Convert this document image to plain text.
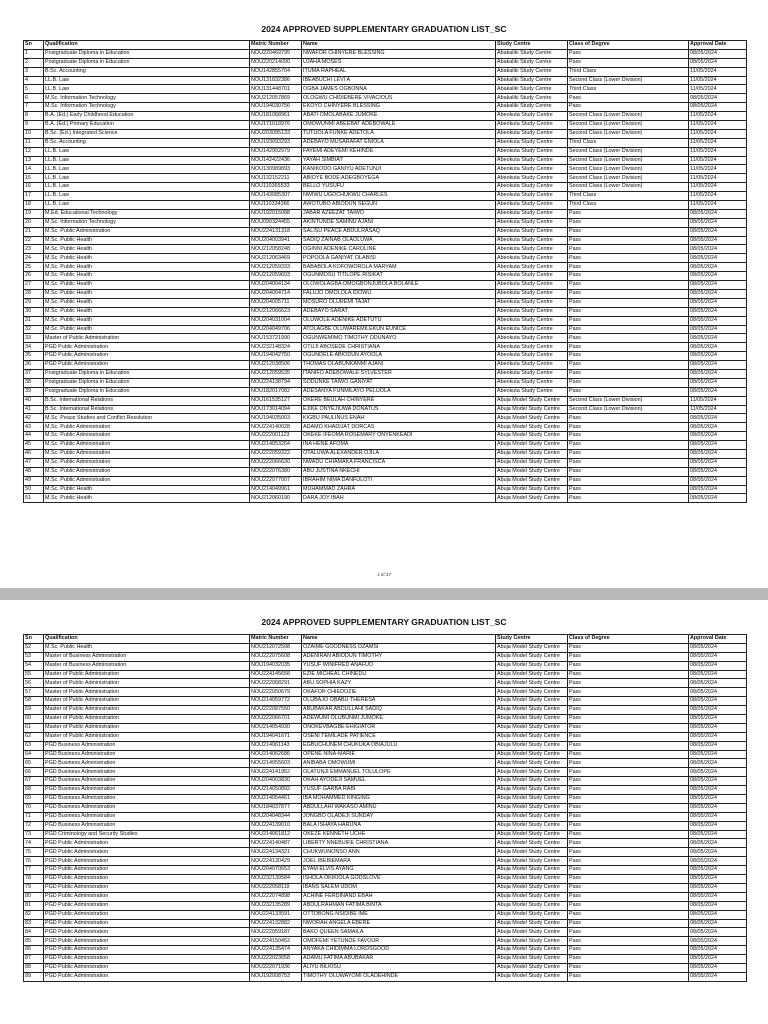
2024 APPROVED SUPPLEMENTARY GRADUATION LIST_SC
Sn	Qualification	Matric Number	Name	Study Centre	Class of Degree	Approval Date
1	Postgraduate Diploma in Education	NOU220469795	NWAFOR CHINYERE BLESSING	Abakaliki Study Centre	Pass	08/05/2024
2	Postgraduate Diploma in Education	NOU220214090	UJAHA MOSES	Abakaliki Study Centre	Pass	08/05/2024
3	B.Sc. Accounting	NOU142855704	ITUMA RAPHEAL	Abakaliki Study Centre	Third Class	11/05/2024
4	LL.B. Law	NOU131832386	IBEABUCHI LEVI A	Abakaliki Study Centre	Second Class (Lower Division)	11/05/2024
5	LL.B. Law	NOU131448701	OGBA JAMES OGBONNA	Abakaliki Study Centre	Third Class	11/05/2024
6	M.Sc. Information Technology	NOU212057869	OLOGWU CHIDIEBERE VIVACIOUS	Abakaliki Study Centre	Pass	08/05/2024
7	M.Sc. Information Technology	NOU194030756	EKOYO CHINYERE BLESSING	Abakaliki Study Centre	Pass	08/05/2024
8	B.A. (Ed.) Early Childhood Education	NOU181068961	ABATI OMOLABAKE JUMOKE	Abeokuta Study Centre	Second Class (Lower Division)	11/05/2024
9	B.A. (Ed.) Primary Education	NOU171018976	OMOWUNMI ABEEBAT ADEBOWALE	Abeokuta Study Centre	Second Class (Lower Division)	11/05/2024
10	B.Sc. (Ed.) Integrated Science	NOU203095133	TUTUOLA FUNKE ADETOLA	Abeokuta Study Centre	Second Class (Lower Division)	11/05/2024
11	B.Sc. Accounting	NOU193093293	ADEBAYO MUSARAFAT ENIOLA	Abeokuta Study Centre	Third Class	11/05/2024
12	LL.B. Law	NOU142902979	FAYEMI ADEYEMI KEHINDE	Abeokuta Study Centre	Second Class (Lower Division)	11/05/2024
13	LL.B. Law	NOU142422436	YAYAH SIMBIAT	Abeokuta Study Centre	Second Class (Lower Division)	11/05/2024
14	LL.B. Law	NOU130989893	KANIKODO GANIYU ADETUNJI	Abeokuta Study Centre	Second Class (Lower Division)	11/05/2024
15	LL.B. Law	NOU132152211	ABIOYE BODE ADEGBOYEGA	Abeokuta Study Centre	Second Class (Lower Division)	11/05/2024
16	LL.B. Law	NOU110365533	BELLO YUSUFU	Abeokuta Study Centre	Second Class (Lower Division)	11/05/2024
17	LL.B. Law	NOU143085307	NWIWU UGOCHUKWU CHARLES	Abeokuta Study Centre	Third Class	11/05/2024
18	LL.B. Law	NOU110334366	AWOTUBO ABIODUN SEGUN	Abeokuta Study Centre	Third Class	11/05/2024
19	M.Ed. Educational Technology	NOU192015088	JABAR AZEEZAT TAIWO	Abeokuta Study Centre	Pass	08/05/2024
20	M.Sc. Information Technology	NOU090324455	AKINTUNDE SAMINU AJANI	Abeokuta Study Centre	Pass	08/05/2024
21	M.Sc. Public Administration	NOU224131318	SALISU PEACE ABDULRASAQ	Abeokuta Study Centre	Pass	08/05/2024
22	M.Sc. Public Health	NOU204003941	SADIQ ZAINAB OLAOLUWA	Abeokuta Study Centre	Pass	08/05/2024
23	M.Sc. Public Health	NOU212058248	OGINNI ADENIKE CAROLINE	Abeokuta Study Centre	Pass	08/05/2024
24	M.Sc. Public Health	NOU212063469	POPOOLA GANIYAT OLABISI	Abeokuta Study Centre	Pass	08/05/2024
25	M.Sc. Public Health	NOU212059333	BABABOLA KOFOWOROLA MARYAM	Abeokuta Study Centre	Pass	08/05/2024
26	M.Sc. Public Health	NOU212059603	OGUNMOSU TITILOPE RISIKAT	Abeokuta Study Centre	Pass	08/05/2024
27	M.Sc. Public Health	NOU204004134	OLOWOLAGBA OMOGBONJUBOLA BOLANLE	Abeokuta Study Centre	Pass	08/05/2024
28	M.Sc. Public Health	NOU204004714	FALUJO OMOLOLA IDOWU	Abeokuta Study Centre	Pass	08/05/2024
29	M.Sc. Public Health	NOU204005711	MOSURO OLUREMI TAJAT	Abeokuta Study Centre	Pass	08/05/2024
30	M.Sc. Public Health	NOU212066623	ADEBAYO SARAT	Abeokuta Study Centre	Pass	08/05/2024
31	M.Sc. Public Health	NOU204031004	OLUWOLE ADENIKE ADETUTU	Abeokuta Study Centre	Pass	08/05/2024
32	M.Sc. Public Health	NOU204049706	ATOLAGBE OLUWAREMILEKUN EUNICE	Abeokuta Study Centre	Pass	08/05/2024
33	Master of Public Administration	NOU153721990	OGUNWEMIMO TIMOTHY ODUNAYO	Abeokuta Study Centre	Pass	08/05/2024
34	PGD Public Administration	NOU232148324	OTUJI ABOSEDE CHRISTIANA	Abeokuta Study Centre	Pass	08/05/2024
35	PGD Public Administration	NOU194042750	OGUNDELE ABIODUN AYOOLA	Abeokuta Study Centre	Pass	08/05/2024
36	PGD Public Administration	NOU212038506	THOMAS OLABUNKANMI AJANI	Abeokuta Study Centre	Pass	08/05/2024
37	Postgraduate Diploma in Education	NOU212059535	ITANIFO ADEBOWALE SYLVESTER	Abeokuta Study Centre	Pass	08/05/2024
38	Postgraduate Diploma in Education	NOU224138794	SODUNKE TAIWO GANIYAT	Abeokuta Study Centre	Pass	08/05/2024
39	Postgraduate Diploma in Education	NOU182017082	ADESANYA FUNMILAYO PELUOLA	Abeokuta Study Centre	Pass	08/05/2024
40	B.Sc. International Relations	NOU161535127	OKERE BEULAH CHINYERE	Abuja Model Study Centre	Second Class (Lower Division)	11/05/2024
41	B.Sc. International Relations	NOU173014094	EJIKE ONYEJIUWA DONATUS	Abuja Model Study Centre	Second Class (Lower Division)	11/05/2024
42	M.Sc. Peace Studies and Conflict Resolution	NOU194035003	KIGBU PAULINUS ENAH	Abuja Model Study Centre	Pass	08/05/2024
43	M.Sc. Public Administration	NOU224140028	ADAMO KHADIJAT DORCAS	Abuja Model Study Centre	Pass	08/05/2024
44	M.Sc. Public Administration	NOU222001123	OKEKE IFEOMA ROSEMARY ONYENKEADI	Abuja Model Study Centre	Pass	08/05/2024
45	M.Sc. Public Administration	NOU214053264	INA HENE AFOMA	Abuja Model Study Centre	Pass	08/05/2024
46	M.Sc. Public Administration	NOU222059322	OTALUWA ALEXANDER OJILA	Abuja Model Study Centre	Pass	08/05/2024
47	M.Sc. Public Administration	NOU222066630	NWADU CHIAMAKA FRANCISCA	Abuja Model Study Centre	Pass	08/05/2024
48	M.Sc. Public Administration	NOU222076380	ABU JUSTINA NKECHI	Abuja Model Study Centre	Pass	08/05/2024
49	M.Sc. Public Administration	NOU222077007	IBRAHIM NIMA DANFULOTI	Abuja Model Study Centre	Pass	08/05/2024
50	M.Sc. Public Health	NOU214049961	MUHAMMAD ZAHRA	Abuja Model Study Centre	Pass	08/05/2024
51	M.Sc. Public Health	NOU212060190	DARA JOY IBAH	Abuja Model Study Centre	Pass	08/05/2024
1 of 37
2024 APPROVED SUPPLEMENTARY GRADUATION LIST_SC
Sn	Qualification	Matric Number	Name	Study Centre	Class of Degree	Approval Date
52	M.Sc. Public Health	NOU212072508	OZAIME GOODNESS OZAMSI	Abuja Model Study Centre	Pass	08/05/2024
53	Master of Business Administration	NOU222075608	ADENIRAN ABIODUN TIMOTHY	Abuja Model Study Centre	Pass	08/05/2024
54	Master of Business Administration	NOU194032035	YUSUF WINIFRED ANAFUO	Abuja Model Study Centre	Pass	08/05/2024
55	Master of Public Administration	NOU224145658	EZIE MICHEAL CHINEDU	Abuja Model Study Centre	Pass	08/05/2024
56	Master of Public Administration	NOU222068291	ABU SOPHIA KAZY	Abuja Model Study Centre	Pass	08/05/2024
57	Master of Public Administration	NOU222050679	OKAFOR CHIEDOZIE	Abuja Model Study Centre	Pass	08/05/2024
58	Master of Public Administration	NOU214059772	OLUBAJO OBABU THERESA	Abuja Model Study Centre	Pass	08/05/2024
59	Master of Public Administration	NOU222087550	ABUBAKAR ABDULLAHI SADIQ	Abuja Model Study Centre	Pass	08/05/2024
60	Master of Public Administration	NOU222066701	ADEWUMI OLUBUNMI JUMOKE	Abuja Model Study Centre	Pass	08/05/2024
61	Master of Public Administration	NOU214054930	ONOKEVBAGBE EHIGIATOR	Abuja Model Study Centre	Pass	08/05/2024
62	Master of Public Administration	NOU194041671	OSENI TEMILADE PATIENCE	Abuja Model Study Centre	Pass	08/05/2024
63	PGD Business Administration	NOU214061143	EGBUCHUNEM CHUKUKA OBIAJULU	Abuja Model Study Centre	Pass	08/05/2024
64	PGD Business Administration	NOU214062686	OPENE NINA-MARIE	Abuja Model Study Centre	Pass	08/05/2024
65	PGD Business Administration	NOU214055603	ANIBABA OMOWUMI	Abuja Model Study Centre	Pass	08/05/2024
66	PGD Business Administration	NOU224141952	OLATUNJI EMMANUEL TOLULOPE	Abuja Model Study Centre	Pass	08/05/2024
67	PGD Business Administration	NOU204003830	OKAH AYODEJI SAMUEL	Abuja Model Study Centre	Pass	08/05/2024
68	PGD Business Administration	NOU214050892	YUSUF GARBA RABI	Abuja Model Study Centre	Pass	08/05/2024
69	PGD Business Administration	NOU214054461	IBA MOHAMMED KINGING	Abuja Model Study Centre	Pass	08/05/2024
70	PGD Business Administration	NOU184037877	ABDULLAHI WAKASO AMINU	Abuja Model Study Centre	Pass	08/05/2024
71	PGD Business Administration	NOU204048344	JONGBO OLADEJI SUNDAY	Abuja Model Study Centre	Pass	08/05/2024
72	PGD Business Administration	NOU224139010	BALA ISHAYA HARUNA	Abuja Model Study Centre	Pass	08/05/2024
73	PGD Criminology and Security Studies	NOU214061812	OKEZE KENNETH UCHE	Abuja Model Study Centre	Pass	08/05/2024
74	PGD Public Administration	NOU224140487	LIBERTY NNEBUIFE CHRISTIANA	Abuja Model Study Centre	Pass	08/05/2024
75	PGD Public Administration	NOU224134321	CHUKWUNONSO ANN	Abuja Model Study Centre	Pass	08/05/2024
76	PGD Public Administration	NOU224130429	JOEL IBEBIEMARA	Abuja Model Study Centre	Pass	08/05/2024
77	PGD Public Administration	NOU204070653	EYAM ELVIS AYANG	Abuja Model Study Centre	Pass	08/05/2024
78	PGD Public Administration	NOU232139584	ISHOLA OKIKIOLA GODSLOVE	Abuja Model Study Centre	Pass	08/05/2024
79	PGD Public Administration	NOU222058119	IBANS SALEM UDOM	Abuja Model Study Centre	Pass	08/05/2024
80	PGD Public Administration	NOU222074898	ACHINE FERDINAND EBAH	Abuja Model Study Centre	Pass	08/05/2024
81	PGD Public Administration	NOU232135289	ABDULRAHMAN FATIMA BINTA	Abuja Model Study Centre	Pass	08/05/2024
82	PGD Public Administration	NOU224133591	OTTOBONG NSIDIBE IME	Abuja Model Study Centre	Pass	08/05/2024
83	PGD Public Administration	NOU224132882	NWORAH ANGELA EBERE	Abuja Model Study Centre	Pass	08/05/2024
84	PGD Public Administration	NOU222059187	BAKO QUEEN SAMAILA	Abuja Model Study Centre	Pass	08/05/2024
85	PGD Public Administration	NOU224150452	OMOFEMI YETUNDE FAVOUR	Abuja Model Study Centre	Pass	08/05/2024
86	PGD Public Administration	NOU224135474	ANYAKA CHIDIMMA LORDSGOOD	Abuja Model Study Centre	Pass	08/05/2024
87	PGD Public Administration	NOU222023658	ADAMU FATIMA ABUBAKAR	Abuja Model Study Centre	Pass	08/05/2024
88	PGD Public Administration	NOU222071936	ALIYU BILKISU	Abuja Model Study Centre	Pass	08/05/2024
89	PGD Public Administration	NOU192008753	TIMOTHY OLUWAYOMI OLADEHINDE	Abuja Model Study Centre	Pass	08/05/2024
